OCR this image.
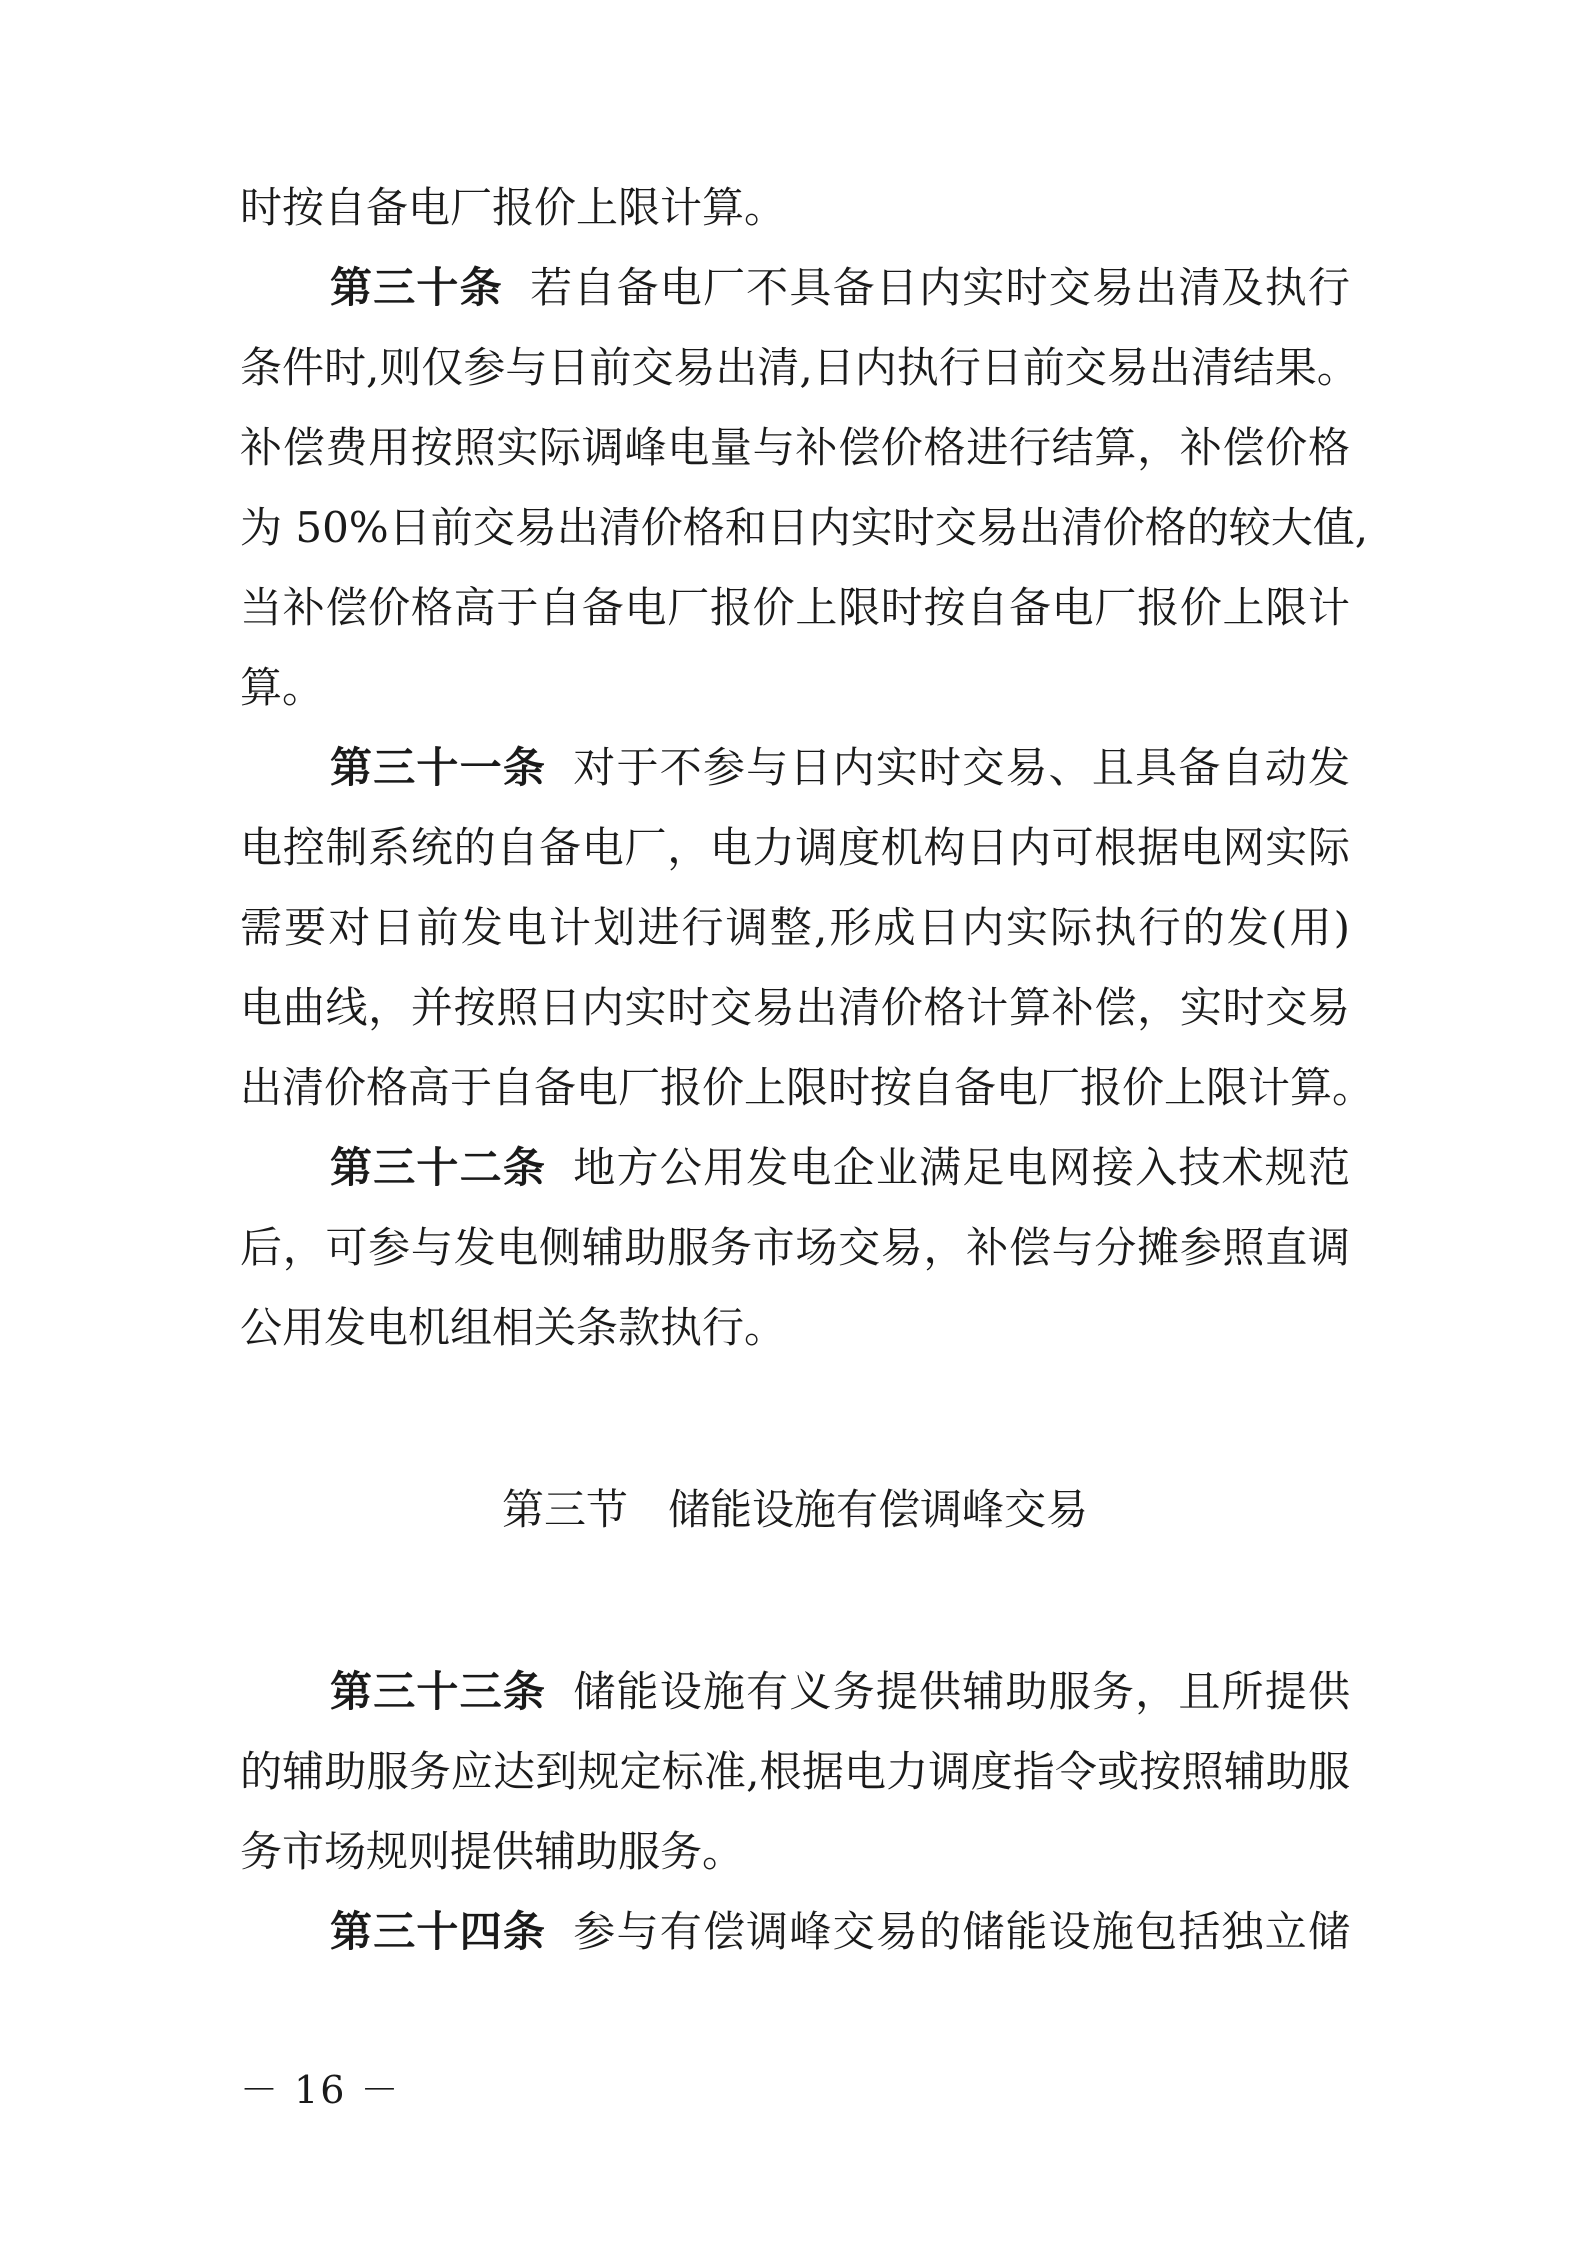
时按自备电厂报价上限计算。
第三十条 若自备电厂不具备日内实时交易出清及执行
条件时,则仅参与日前交易出清,日内执行日前交易出清结果。
补偿费用按照实际调峰电量与补偿价格进行结算，补偿价格
为 50%日前交易出清价格和日内实时交易出清价格的较大值,
当补偿价格高于自备电厂报价上限时按自备电厂报价上限计
算。
第三十一条 对于不参与日内实时交易、且具备自动发
电控制系统的自备电厂，电力调度机构日内可根据电网实际
需要对日前发电计划进行调整,形成日内实际执行的发(用)
电曲线，并按照日内实时交易出清价格计算补偿，实时交易
出清价格高于自备电厂报价上限时按自备电厂报价上限计算。
第三十二条 地方公用发电企业满足电网接入技术规范
后，可参与发电侧辅助服务市场交易，补偿与分摊参照直调
公用发电机组相关条款执行。
第三节 储能设施有偿调峰交易
第三十三条 储能设施有义务提供辅助服务，且所提供
的辅助服务应达到规定标准,根据电力调度指令或按照辅助服
务市场规则提供辅助服务。
第三十四条 参与有偿调峰交易的储能设施包括独立储
－ 16 －
